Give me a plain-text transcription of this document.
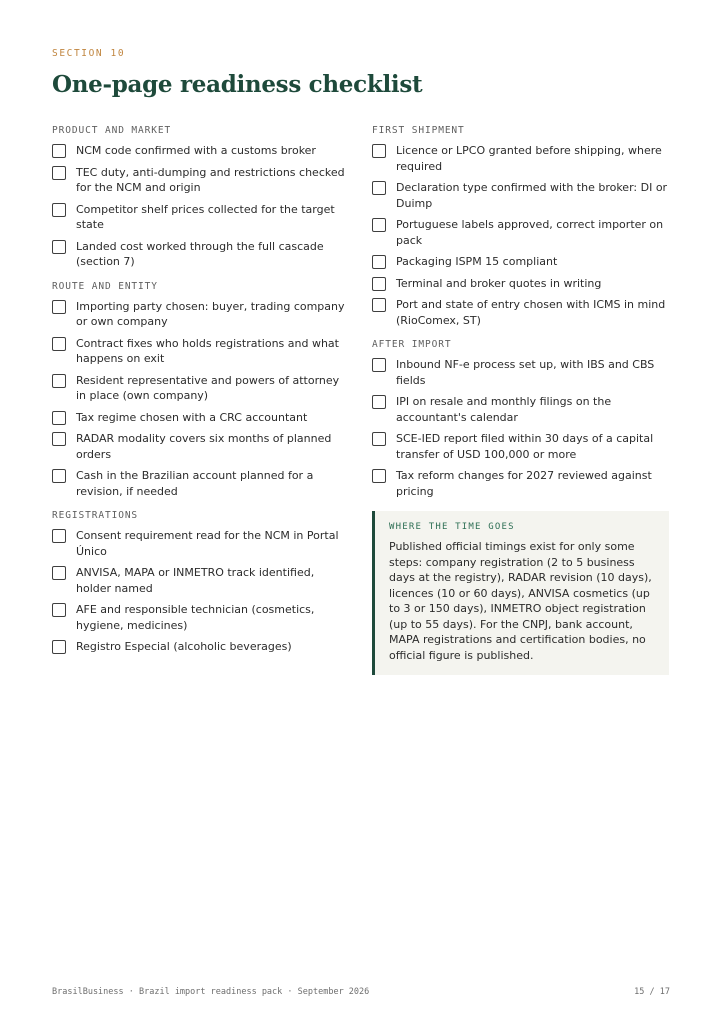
SECTION 10
One-page readiness checklist
PRODUCT AND MARKET
NCM code confirmed with a customs broker
TEC duty, anti-dumping and restrictions checked for the NCM and origin
Competitor shelf prices collected for the target state
Landed cost worked through the full cascade (section 7)
ROUTE AND ENTITY
Importing party chosen: buyer, trading company or own company
Contract fixes who holds registrations and what happens on exit
Resident representative and powers of attorney in place (own company)
Tax regime chosen with a CRC accountant
RADAR modality covers six months of planned orders
Cash in the Brazilian account planned for a revision, if needed
REGISTRATIONS
Consent requirement read for the NCM in Portal Único
ANVISA, MAPA or INMETRO track identified, holder named
AFE and responsible technician (cosmetics, hygiene, medicines)
Registro Especial (alcoholic beverages)
FIRST SHIPMENT
Licence or LPCO granted before shipping, where required
Declaration type confirmed with the broker: DI or Duimp
Portuguese labels approved, correct importer on pack
Packaging ISPM 15 compliant
Terminal and broker quotes in writing
Port and state of entry chosen with ICMS in mind (RioComex, ST)
AFTER IMPORT
Inbound NF-e process set up, with IBS and CBS fields
IPI on resale and monthly filings on the accountant's calendar
SCE-IED report filed within 30 days of a capital transfer of USD 100,000 or more
Tax reform changes for 2027 reviewed against pricing
WHERE THE TIME GOES
Published official timings exist for only some steps: company registration (2 to 5 business days at the registry), RADAR revision (10 days), licences (10 or 60 days), ANVISA cosmetics (up to 3 or 150 days), INMETRO object registration (up to 55 days). For the CNPJ, bank account, MAPA registrations and certification bodies, no official figure is published.
BrasilBusiness · Brazil import readiness pack · September 2026	15 / 17
